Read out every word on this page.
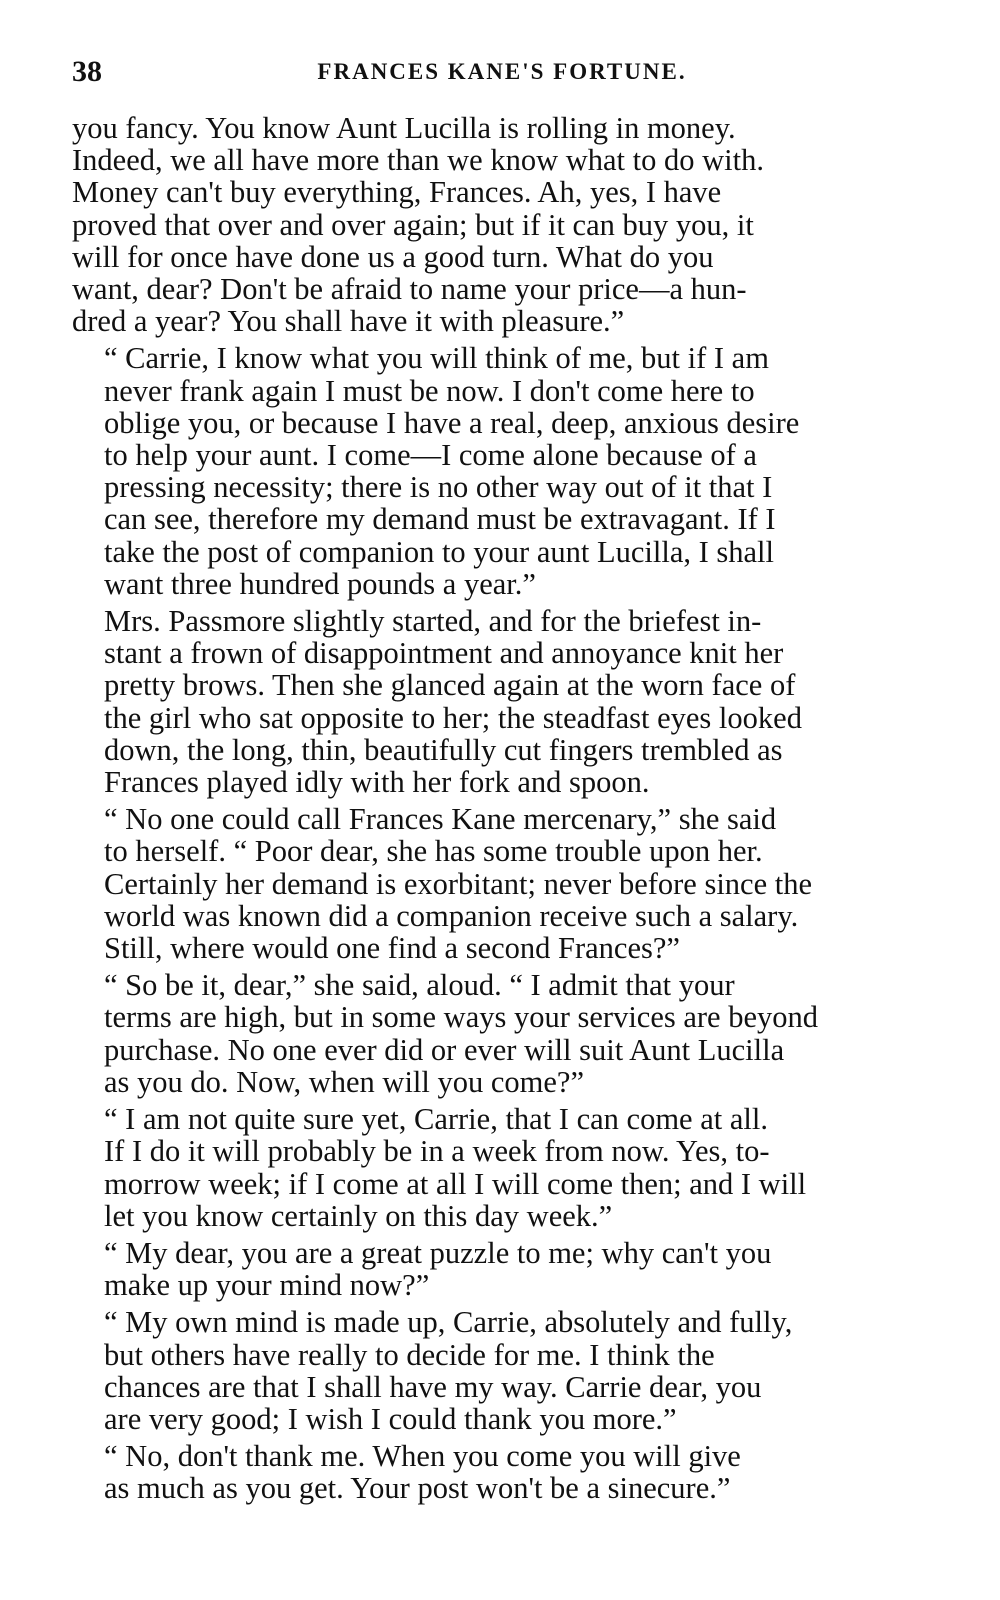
38	FRANCES KANE'S FORTUNE.

you fancy. You know Aunt Lucilla is rolling in money.
Indeed, we all have more than we know what to do with.
Money can't buy everything, Frances. Ah, yes, I have
proved that over and over again; but if it can buy you, it
will for once have done us a good turn. What do you
want, dear? Don't be afraid to name your price—a hun-
dred a year? You shall have it with pleasure.”

“ Carrie, I know what you will think of me, but if I am
never frank again I must be now. I don't come here to
oblige you, or because I have a real, deep, anxious desire
to help your aunt. I come—I come alone because of a
pressing necessity; there is no other way out of it that I
can see, therefore my demand must be extravagant. If I
take the post of companion to your aunt Lucilla, I shall
want three hundred pounds a year.”

Mrs. Passmore slightly started, and for the briefest in-
stant a frown of disappointment and annoyance knit her
pretty brows. Then she glanced again at the worn face of
the girl who sat opposite to her; the steadfast eyes looked
down, the long, thin, beautifully cut fingers trembled as
Frances played idly with her fork and spoon.

“ No one could call Frances Kane mercenary,” she said
to herself. “ Poor dear, she has some trouble upon her.
Certainly her demand is exorbitant; never before since the
world was known did a companion receive such a salary.
Still, where would one find a second Frances?”

“ So be it, dear,” she said, aloud. “ I admit that your
terms are high, but in some ways your services are beyond
purchase. No one ever did or ever will suit Aunt Lucilla
as you do. Now, when will you come?”

“ I am not quite sure yet, Carrie, that I can come at all.
If I do it will probably be in a week from now. Yes, to-
morrow week; if I come at all I will come then; and I will
let you know certainly on this day week.”

“ My dear, you are a great puzzle to me; why can't you
make up your mind now?”

“ My own mind is made up, Carrie, absolutely and fully,
but others have really to decide for me. I think the
chances are that I shall have my way. Carrie dear, you
are very good; I wish I could thank you more.”

“ No, don't thank me. When you come you will give
as much as you get. Your post won't be a sinecure.”
